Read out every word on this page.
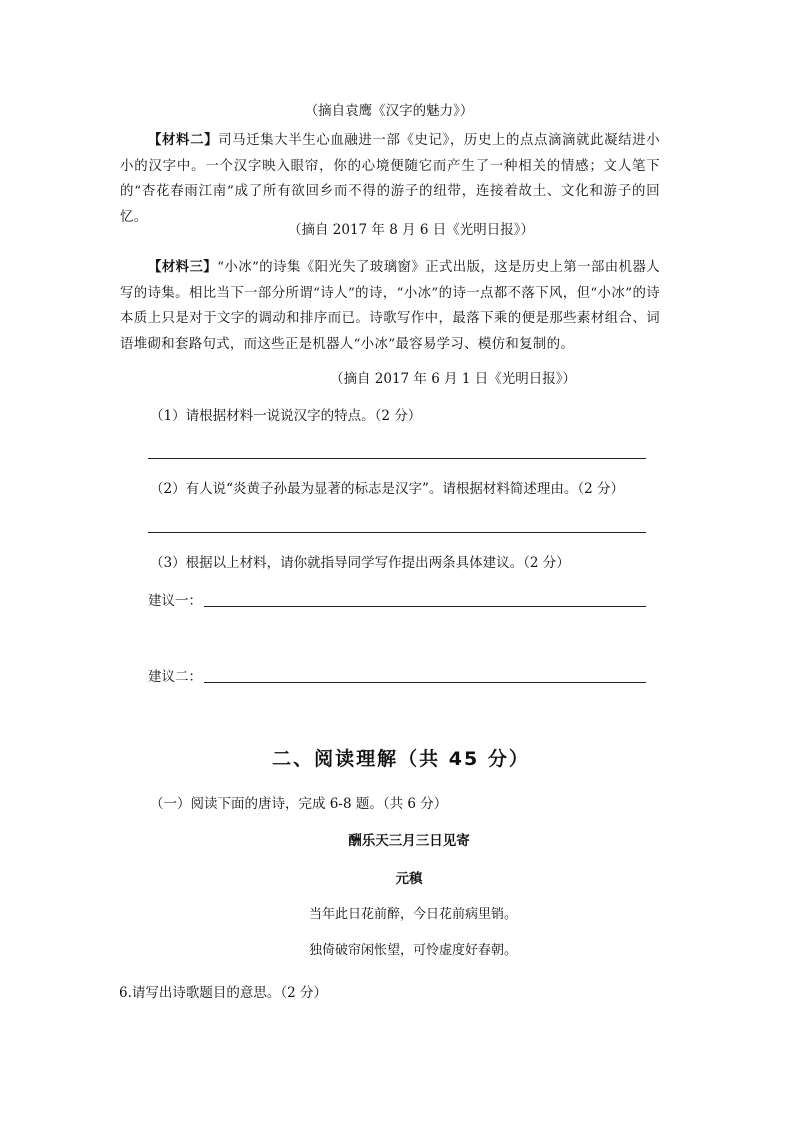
（摘自袁鹰《汉字的魅力》）
【材料二】司马迁集大半生心血融进一部《史记》，历史上的点点滴滴就此凝结进小小的汉字中。一个汉字映入眼帘，你的心境便随它而产生了一种相关的情感；文人笔下的“杏花春雨江南”成了所有欲回乡而不得的游子的纽带，连接着故土、文化和游子的回忆。
（摘自 2017 年 8 月 6 日《光明日报》）
【材料三】“小冰”的诗集《阳光失了玻璃窗》正式出版，这是历史上第一部由机器人写的诗集。相比当下一部分所谓“诗人”的诗，“小冰”的诗一点都不落下风，但“小冰”的诗本质上只是对于文字的调动和排序而已。诗歌写作中，最落下乘的便是那些素材组合、词语堆砌和套路句式，而这些正是机器人“小冰”最容易学习、模仿和复制的。
（摘自 2017 年 6 月 1 日《光明日报》）
（1）请根据材料一说说汉字的特点。（2 分）
（2）有人说“炎黄子孙最为显著的标志是汉字”。请根据材料简述理由。（2 分）
（3）根据以上材料，请你就指导同学写作提出两条具体建议。（2 分）
建议一：
建议二：
二、阅读理解（共 45 分）
（一）阅读下面的唐诗，完成 6-8 题。（共 6 分）
酬乐天三月三日见寄
元稹
当年此日花前醉，今日花前病里销。
独倚破帘闲怅望，可怜虚度好春朝。
6.请写出诗歌题目的意思。（2 分）
